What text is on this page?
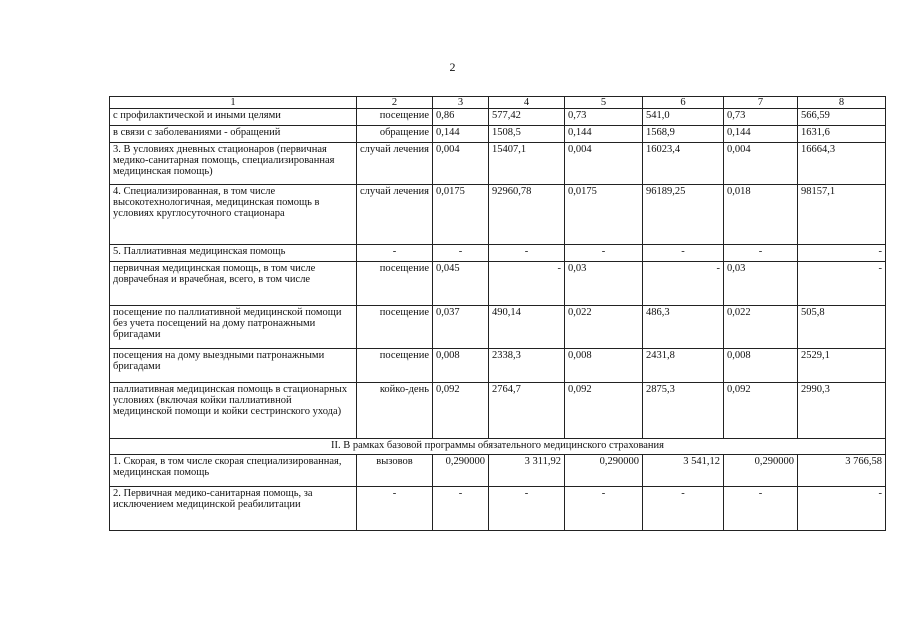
2
1	2	3	4	5	6	7	8
с профилактической и иными целями	посещение	0,86	577,42	0,73	541,0	0,73	566,59
в связи с заболеваниями - обращений	обращение	0,144	1508,5	0,144	1568,9	0,144	1631,6
3. В условиях дневных стационаров (первичная медико-санитарная помощь, специализированная медицинская помощь)	случай лечения	0,004	15407,1	0,004	16023,4	0,004	16664,3
4. Специализированная, в том числе высокотехнологичная, медицинская помощь в условиях круглосуточного стационара	случай лечения	0,0175	92960,78	0,0175	96189,25	0,018	98157,1
5. Паллиативная медицинская помощь	-	-	-	-	-	-	-
первичная медицинская помощь, в том числе доврачебная и врачебная, всего, в том числе	посещение	0,045	-	0,03	-	0,03	-
посещение по паллиативной медицинской помощи без учета посещений на дому патронажными бригадами	посещение	0,037	490,14	0,022	486,3	0,022	505,8
посещения на дому выездными патронажными бригадами	посещение	0,008	2338,3	0,008	2431,8	0,008	2529,1
паллиативная медицинская помощь в стационарных условиях (включая койки паллиативной медицинской помощи и койки сестринского ухода)	койко-день	0,092	2764,7	0,092	2875,3	0,092	2990,3
II. В рамках базовой программы обязательного медицинского страхования							
1. Скорая, в том числе скорая специализированная, медицинская помощь	вызовов	0,290000	3 311,92	0,290000	3 541,12	0,290000	3 766,58
2. Первичная медико-санитарная помощь, за исключением медицинской реабилитации	-	-	-	-	-	-	-
